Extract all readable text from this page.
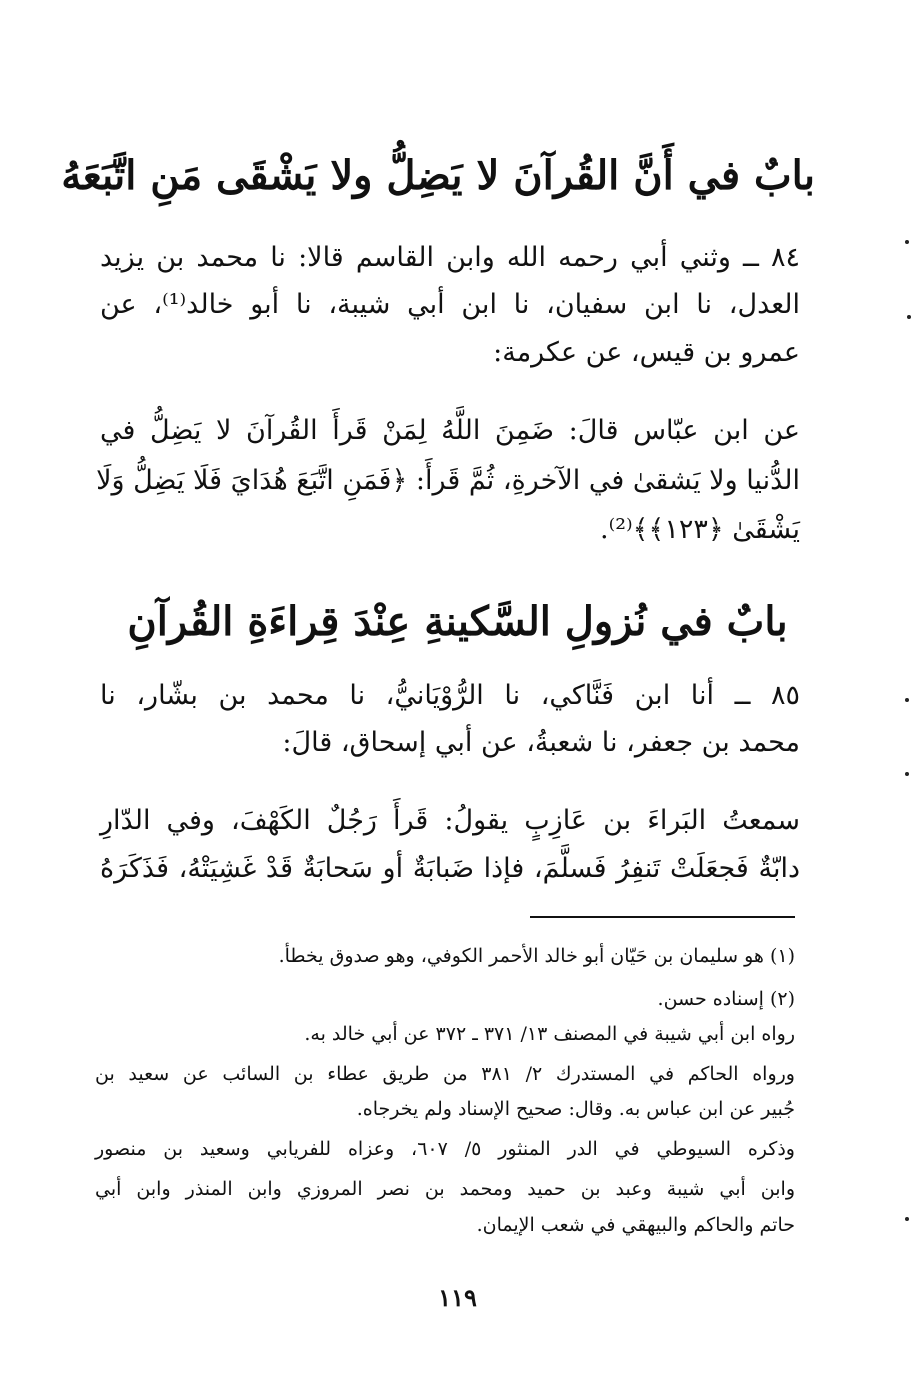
بابٌ في أَنَّ القُرآنَ لا يَضِلُّ ولا يَشْقَى مَنِ اتَّبَعَهُ
٨٤ ــ وثني أبي رحمه الله وابن القاسم قالا: نا محمد بن يزيد
العدل، نا ابن سفيان، نا ابن أبي شيبة، نا أبو خالد⁽¹⁾، عن
عمرو بن قيس، عن عكرمة:
عن ابن عبّاس قالَ: ضَمِنَ اللَّهُ لِمَنْ قَرأَ القُرآنَ لا يَضِلُّ في
الدُّنيا ولا يَشقىٰ في الآخرةِ، ثُمَّ قَرأَ: ﴿فَمَنِ اتَّبَعَ هُدَايَ فَلَا يَضِلُّ وَلَا
يَشْقَىٰ ﴿١٢٣﴾﴾⁽²⁾.
بابٌ في نُزولِ السَّكينةِ عِنْدَ قِراءَةِ القُرآنِ
٨٥ ــ أنا ابن فَنَّاكي، نا الرُّوْيَانيُّ، نا محمد بن بشّار، نا
محمد بن جعفر، نا شعبةُ، عن أبي إسحاق، قالَ:
سمعتُ البَراءَ بن عَازِبٍ يقولُ: قَرأَ رَجُلٌ الكَهْفَ، وفي الدّارِ
دابّةٌ فَجعَلَتْ تَنفِرُ فَسلَّمَ، فإذا ضَبابَةٌ أو سَحابَةٌ قَدْ غَشِيَتْهُ، فَذَكَرَهُ
(١) هو سليمان بن حَيّان أبو خالد الأحمر الكوفي، وهو صدوق يخطأ.
(٢) إسناده حسن.
رواه ابن أبي شيبة في المصنف ١٣/ ٣٧١ ـ ٣٧٢ عن أبي خالد به.
ورواه الحاكم في المستدرك ٢/ ٣٨١ من طريق عطاء بن السائب عن سعيد بن
جُبير عن ابن عباس به. وقال: صحيح الإسناد ولم يخرجاه.
وذكره السيوطي في الدر المنثور ٥/ ٦٠٧، وعزاه للفريابي وسعيد بن منصور
وابن أبي شيبة وعبد بن حميد ومحمد بن نصر المروزي وابن المنذر وابن أبي
حاتم والحاكم والبيهقي في شعب الإيمان.
١١٩
